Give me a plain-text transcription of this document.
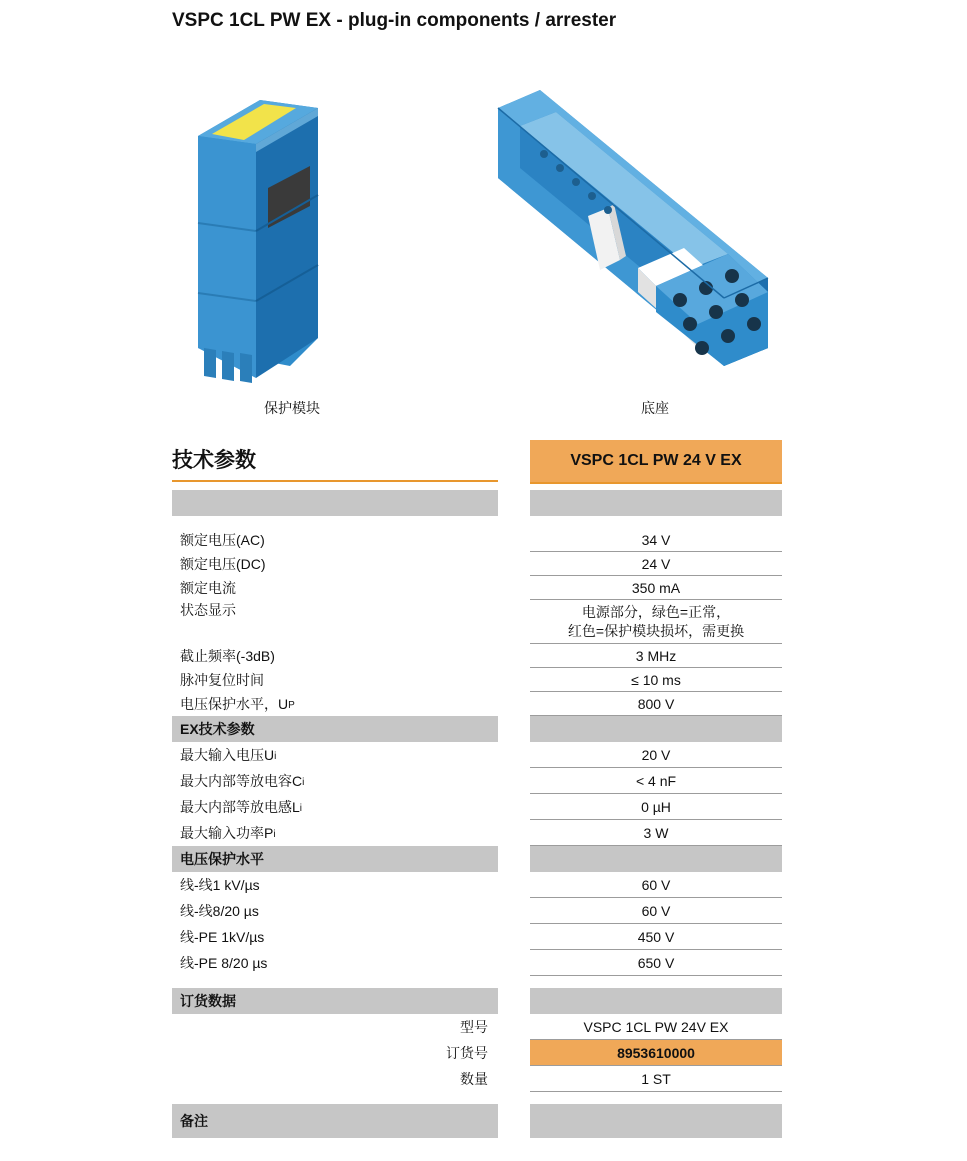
VSPC 1CL PW EX - plug-in components / arrester
保护模块	底座
技术参数	VSPC 1CL PW 24 V EX
额定电压(AC)	34 V
额定电压(DC)	24 V
额定电流	350 mA
状态显示	电源部分，绿色=正常，
红色=保护模块损坏，需更换
截止频率(-3dB)	3 MHz
脉冲复位时间	≤ 10 ms
电压保护水平，U P	800 V
EX技术参数
最大输入电压U i	20 V
最大内部等放电容C i	< 4 nF
最大内部等放电感L i	0 µH
最大输入功率P i	3 W
电压保护水平
线-线1 kV/µs	60 V
线-线8/20 µs	60 V
线-PE 1kV/µs	450 V
线-PE 8/20 µs	650 V
订货数据
型号	VSPC 1CL PW 24V EX
订货号	8953610000
数量	1 ST
备注
